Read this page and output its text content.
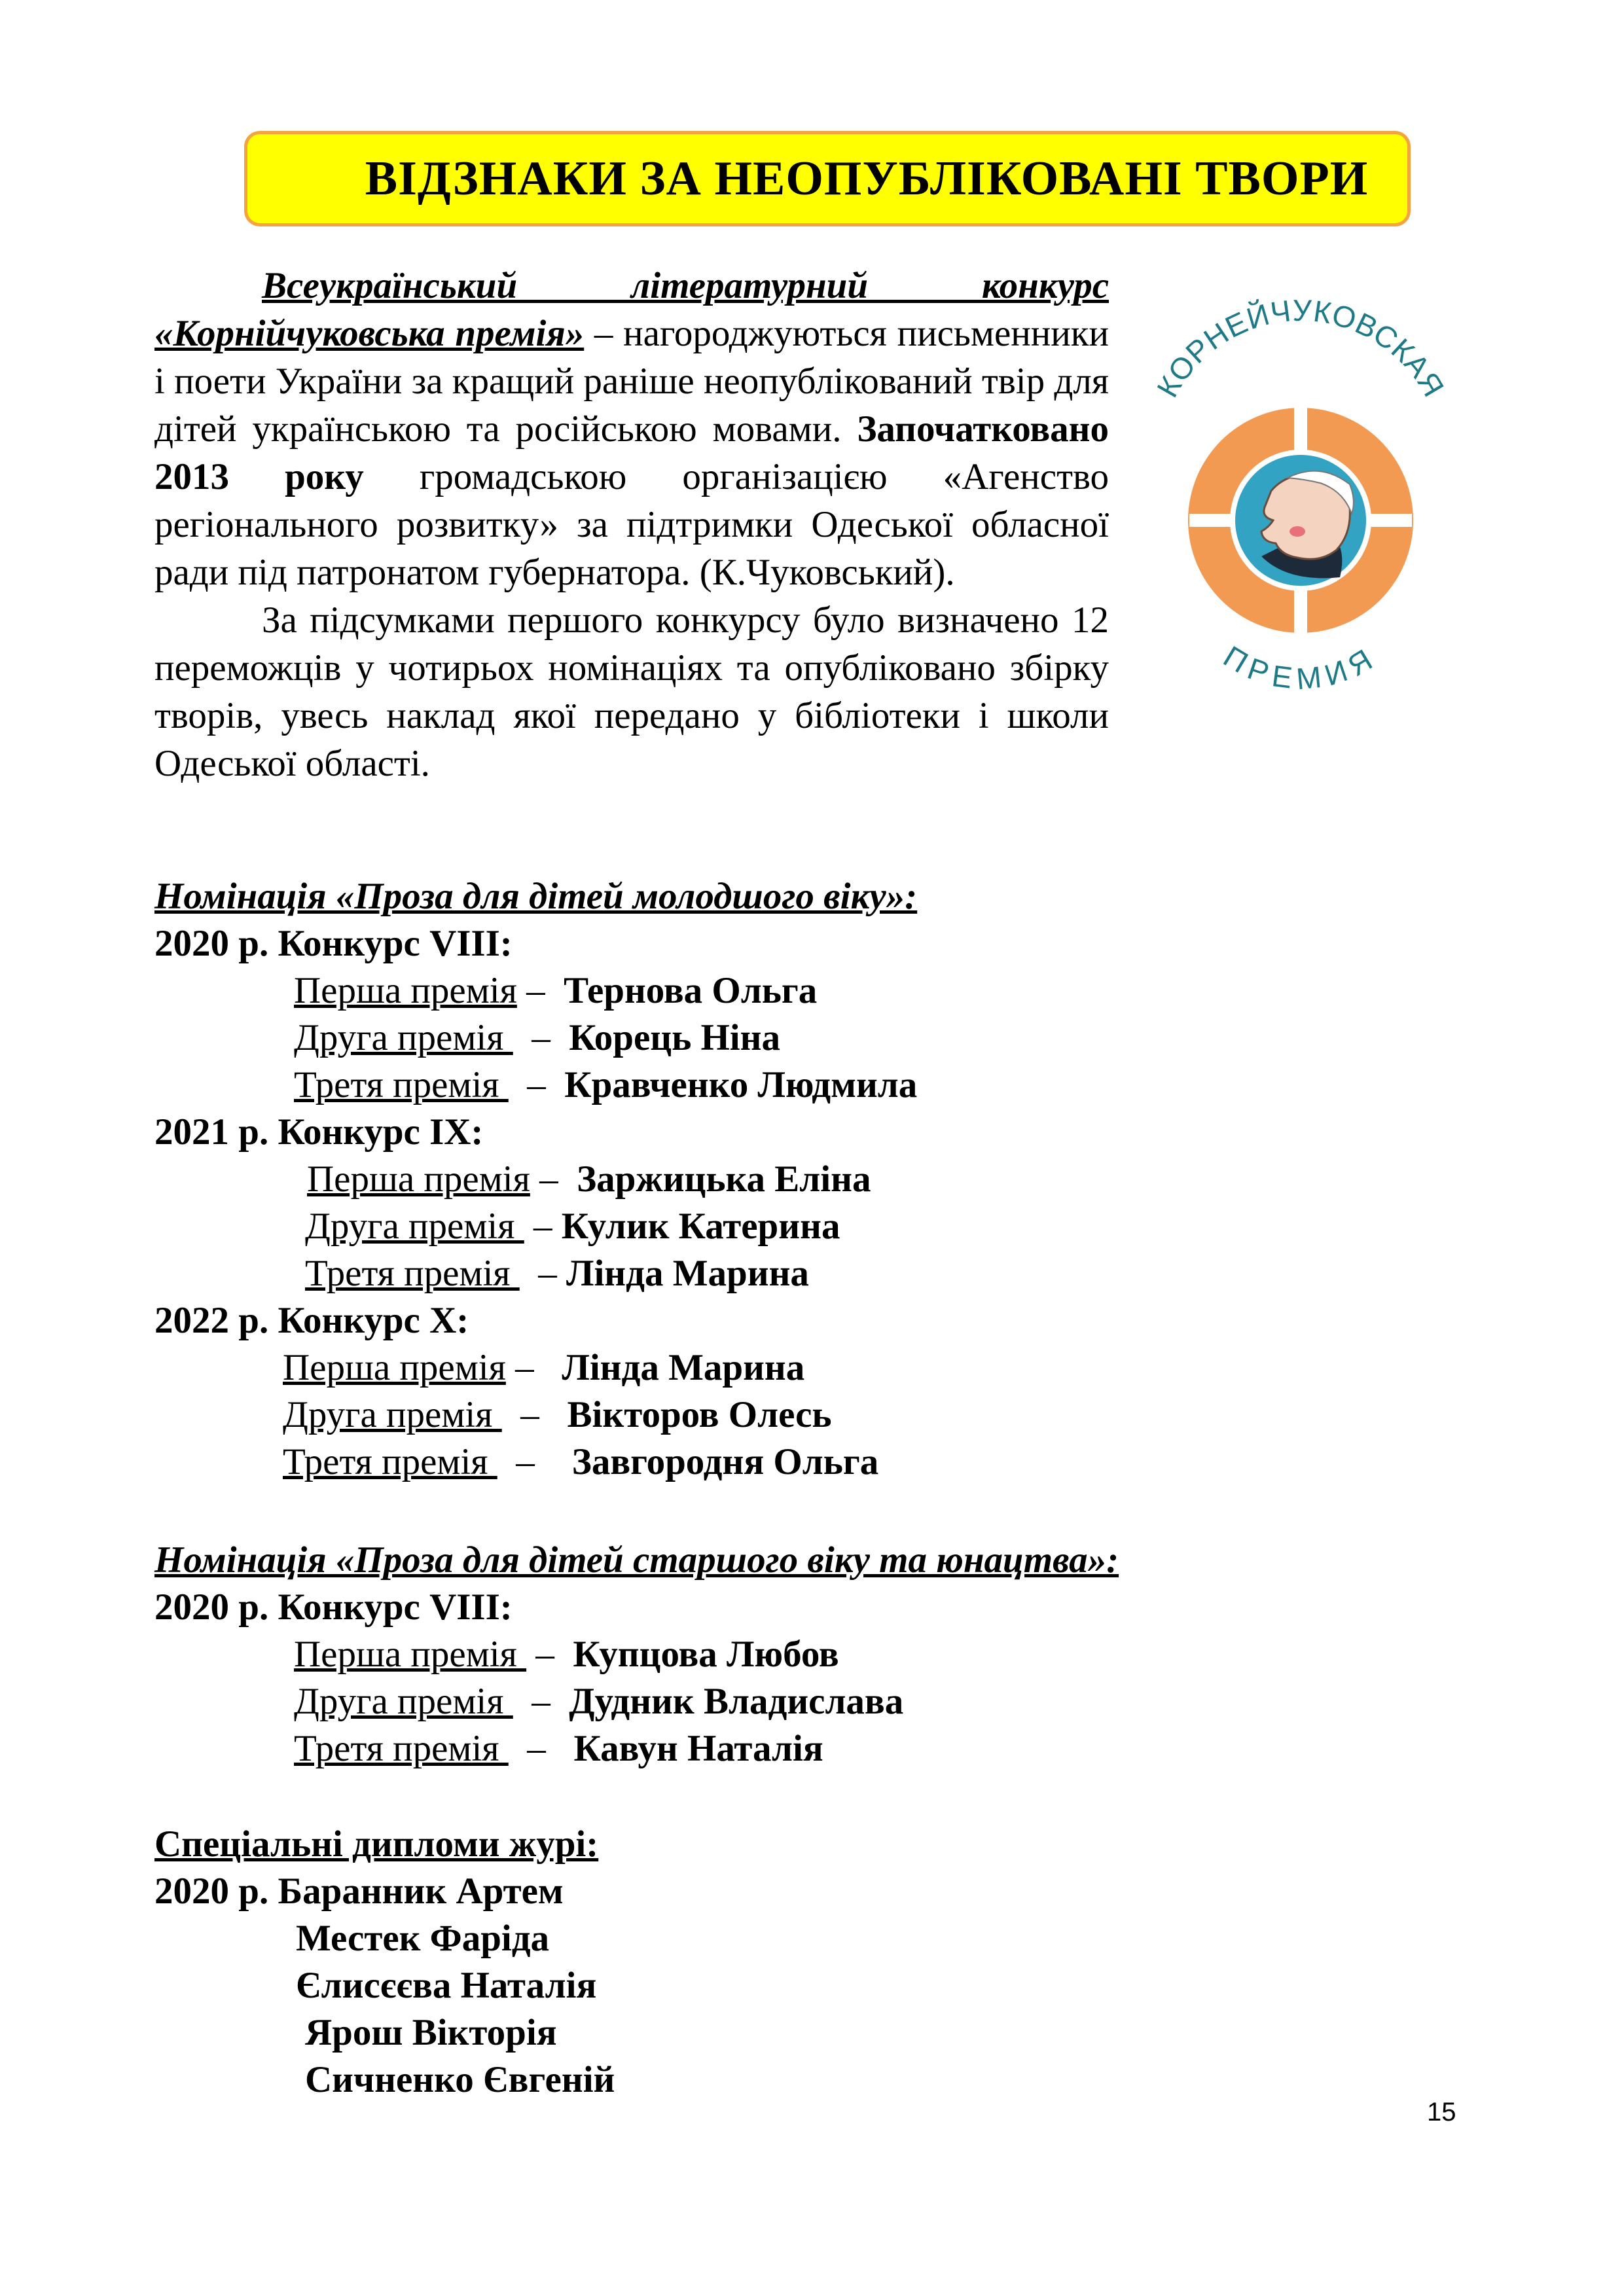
ВІДЗНАКИ ЗА НЕОПУБЛІКОВАНІ ТВОРИ

Всеукраїнський літературний конкурс «Корнійчуковська премія» – нагороджуються письменники і поети України за кращий раніше неопублікований твір для дітей українською та російською мовами. Започатковано 2013 року громадською організацією «Агенство регіонального розвитку» за підтримки Одеської обласної ради під патронатом губернатора. (К.Чуковський).

За підсумками першого конкурсу було визначено 12 переможців у чотирьох номінаціях та опубліковано збірку творів, увесь наклад якої передано у бібліотеки і школи Одеської області.

КОРНЕЙЧУКОВСКАЯ
ПРЕМИЯ
Номінація «Проза для дітей молодшого віку»:
2020 р. Конкурс VIII:
Перша премія –  Тернова Ольга
Друга премія   –  Корець Ніна
Третя премія   –  Кравченко Людмила
2021 р. Конкурс IX:
Перша премія –  Заржицька Еліна
Друга премія  – Кулик Катерина
Третя премія   – Лінда Марина
2022 р. Конкурс X:
Перша премія –   Лінда Марина
Друга премія   –   Вікторов Олесь
Третя премія   –    Завгородня Ольга
Номінація «Проза для дітей старшого віку та юнацтва»:
2020 р. Конкурс VIII:
Перша премія  –  Купцова Любов
Друга премія   –  Дудник Владислава
Третя премія   –   Кавун Наталія
Спеціальні дипломи журі:
2020 р. Баранник Артем
Местек Фаріда
Єлисєєва Наталія
Ярош Вікторія
Сичненко Євгеній
15
